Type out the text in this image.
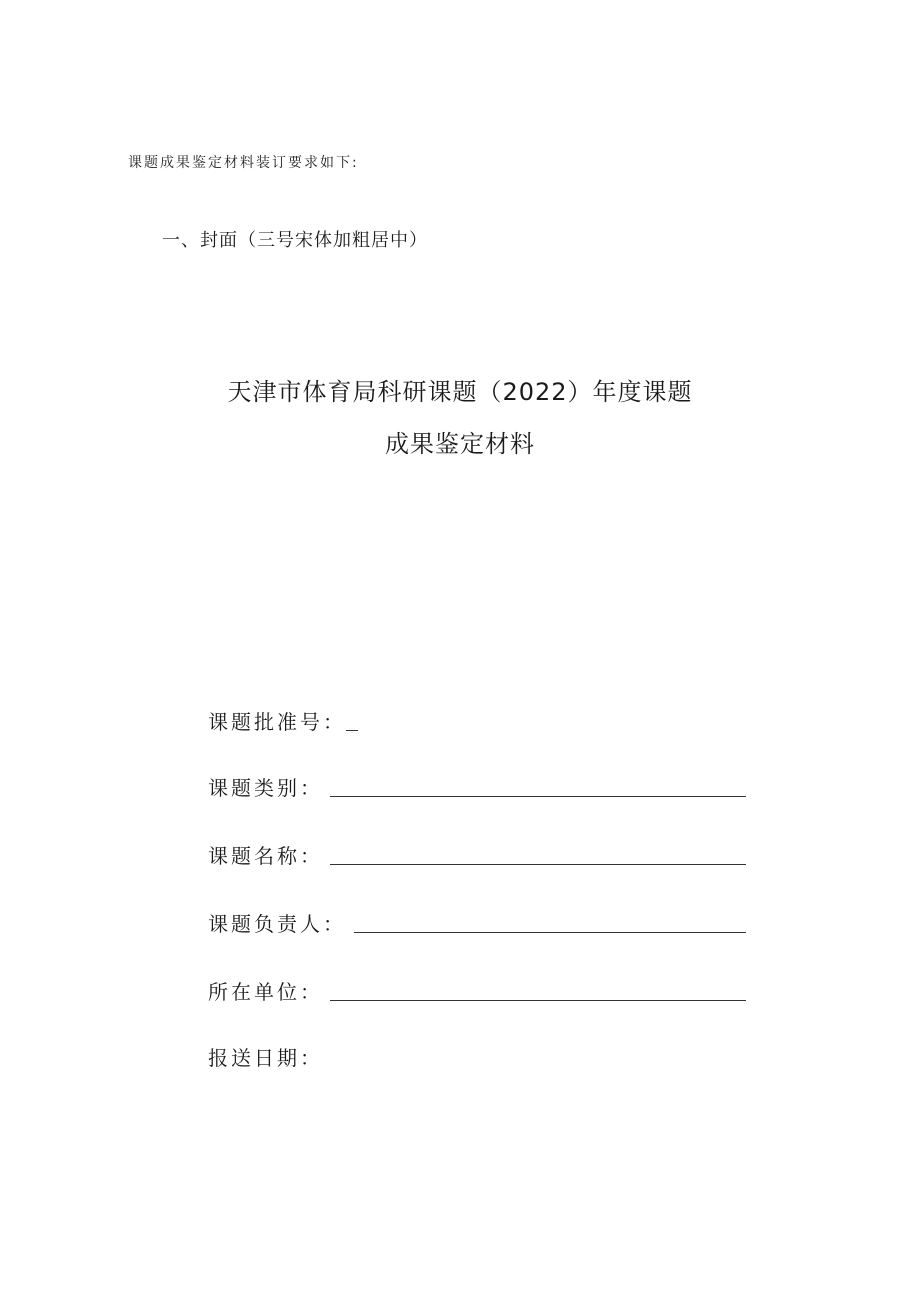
课题成果鉴定材料装订要求如下:
一、封面（三号宋体加粗居中）
天津市体育局科研课题（2022）年度课题
成果鉴定材料
课题批准号：
课题类别：
课题名称：
课题负责人：
所在单位：
报送日期：
